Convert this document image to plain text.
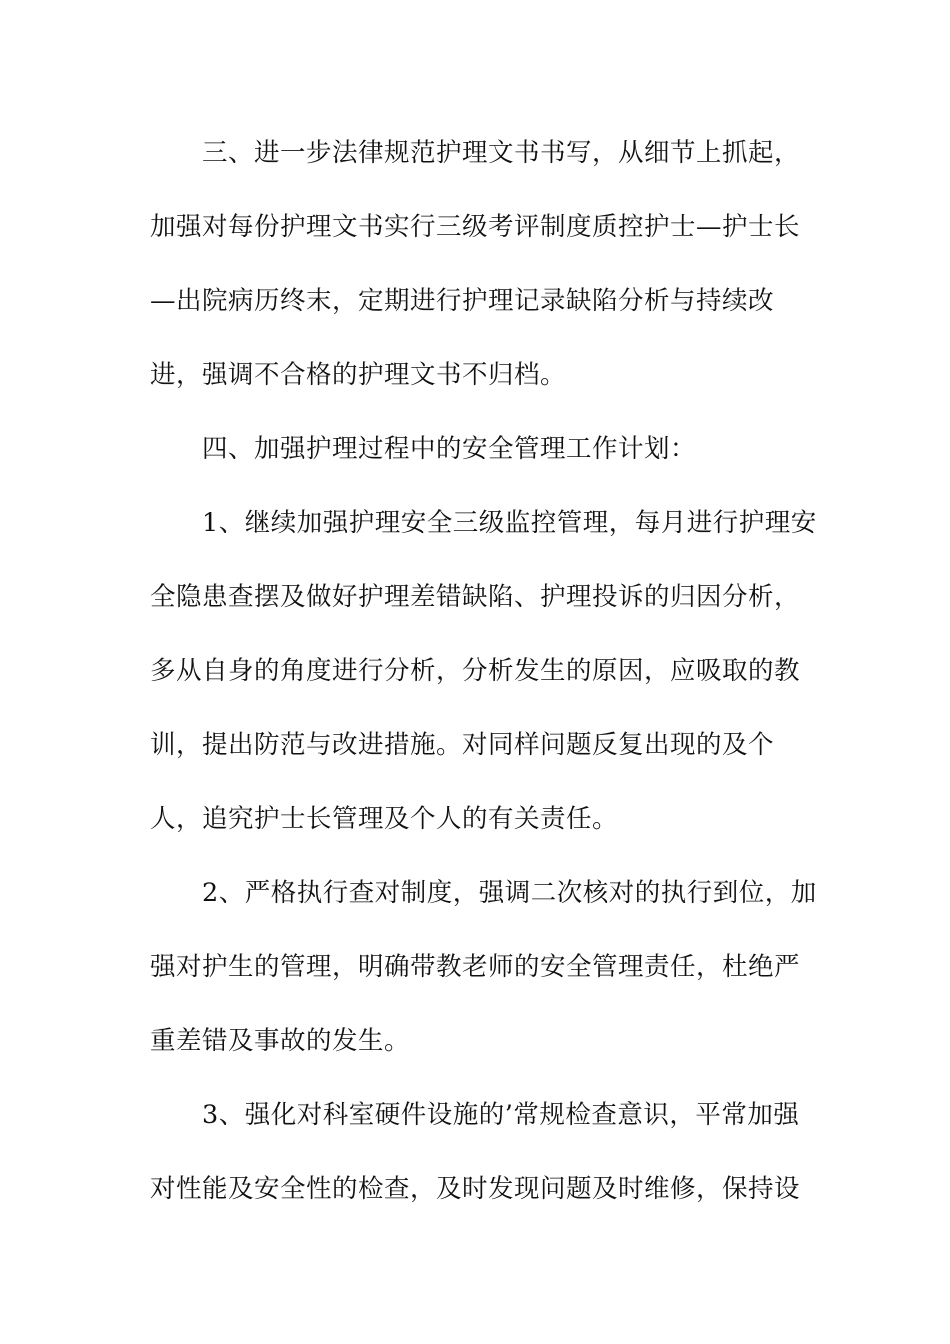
三、进一步法律规范护理文书书写，从细节上抓起，
加强对每份护理文书实行三级考评制度质控护士—护士长
—出院病历终末，定期进行护理记录缺陷分析与持续改
进，强调不合格的护理文书不归档。
四、加强护理过程中的安全管理工作计划：
1、继续加强护理安全三级监控管理，每月进行护理安
全隐患查摆及做好护理差错缺陷、护理投诉的归因分析，
多从自身的角度进行分析，分析发生的原因，应吸取的教
训，提出防范与改进措施。对同样问题反复出现的及个
人，追究护士长管理及个人的有关责任。
2、严格执行查对制度，强调二次核对的执行到位，加
强对护生的管理，明确带教老师的安全管理责任，杜绝严
重差错及事故的发生。
3、强化对科室硬件设施的’常规检查意识，平常加强
对性能及安全性的检查，及时发现问题及时维修，保持设
